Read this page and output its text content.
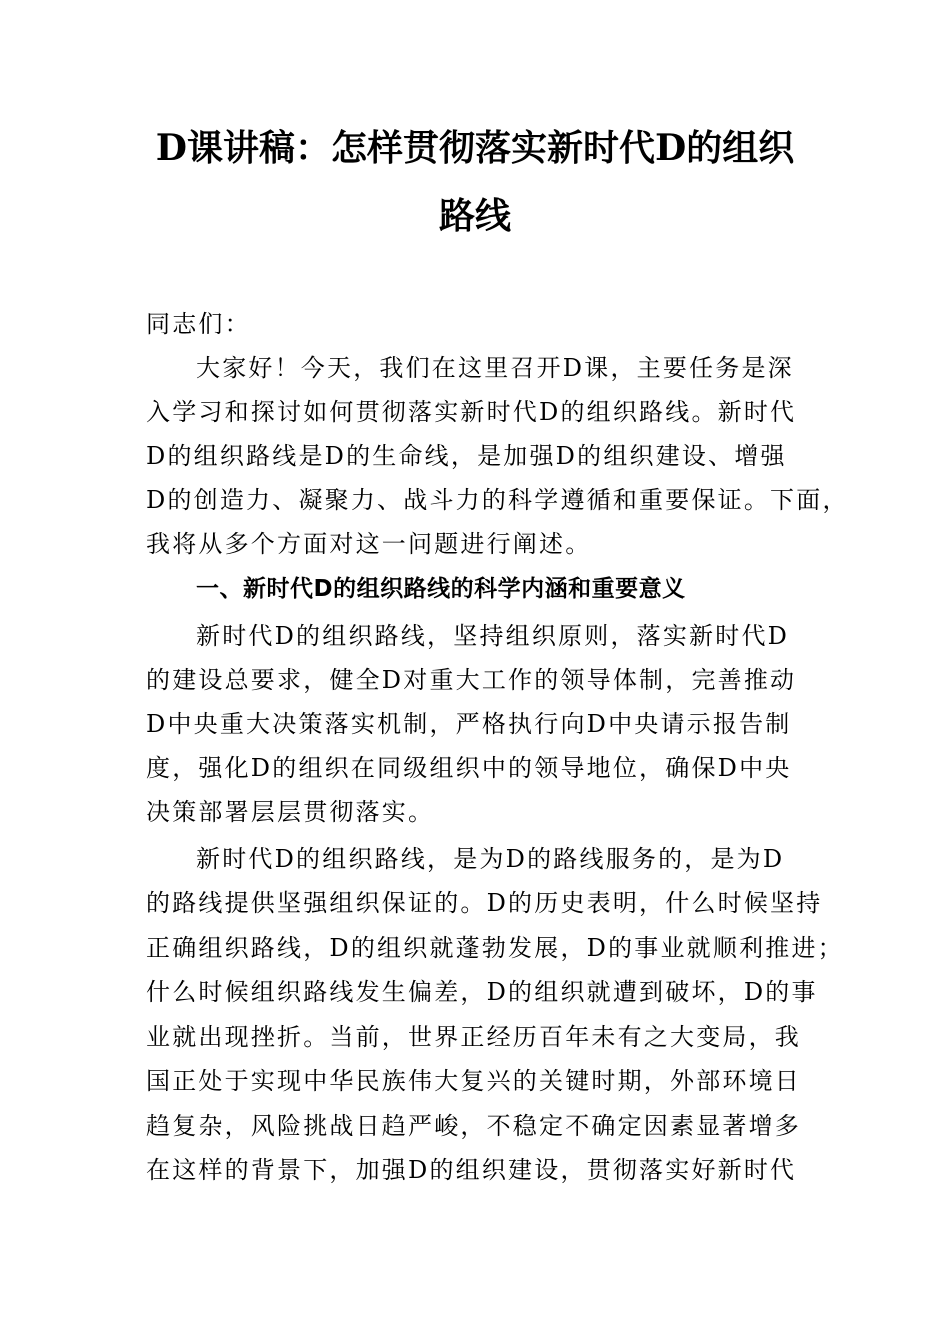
D课讲稿：怎样贯彻落实新时代D的组织
路线

同志们：

大家好！今天，我们在这里召开D课，主要任务是深

入学习和探讨如何贯彻落实新时代D的组织路线。新时代

D的组织路线是D的生命线，是加强D的组织建设、增强

D的创造力、凝聚力、战斗力的科学遵循和重要保证。下面，

我将从多个方面对这一问题进行阐述。

一、新时代D的组织路线的科学内涵和重要意义

新时代D的组织路线，坚持组织原则，落实新时代D

的建设总要求，健全D对重大工作的领导体制，完善推动

D中央重大决策落实机制，严格执行向D中央请示报告制

度，强化D的组织在同级组织中的领导地位，确保D中央

决策部署层层贯彻落实。

新时代D的组织路线，是为D的路线服务的，是为D

的路线提供坚强组织保证的。D的历史表明，什么时候坚持

正确组织路线，D的组织就蓬勃发展，D的事业就顺利推进；

什么时候组织路线发生偏差，D的组织就遭到破坏，D的事

业就出现挫折。当前，世界正经历百年未有之大变局，我

国正处于实现中华民族伟大复兴的关键时期，外部环境日

趋复杂，风险挑战日趋严峻，不稳定不确定因素显著增多

在这样的背景下，加强D的组织建设，贯彻落实好新时代
